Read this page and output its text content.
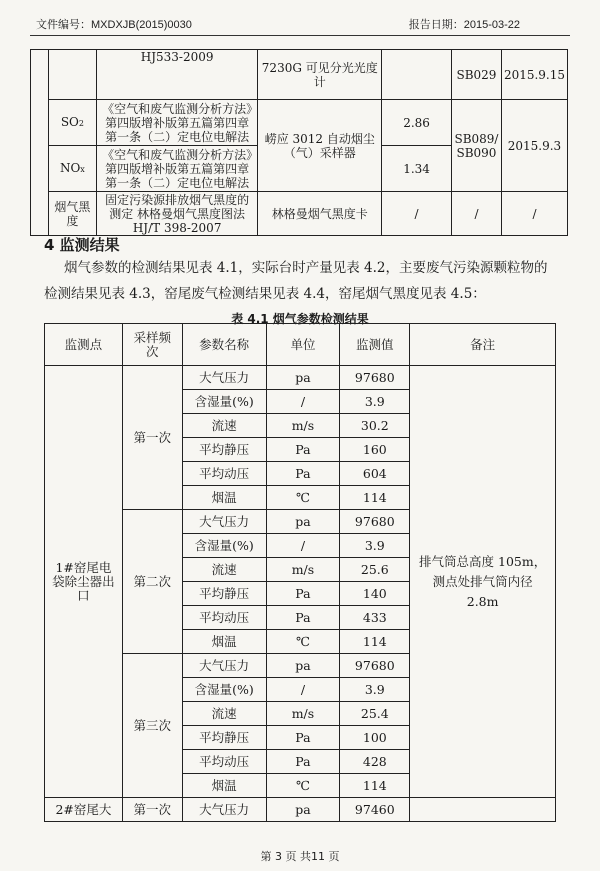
文件编号：MXDXJB(2015)0030	报告日期：2015-03-22
		HJ533-2009	7230G 可见分光光度计		SB029	2015.9.15
	SO2	《空气和废气监测分析方法》第四版增补版第五篇第四章第一条（二）定电位电解法	崂应 3012 自动烟尘（气）采样器	2.86	SB089/ SB090	2015.9.3
	NOx	《空气和废气监测分析方法》第四版增补版第五篇第四章第一条（二）定电位电解法		1.34		
	烟气黑度	固定污染源排放烟气黑度的测定 林格曼烟气黑度图法 HJ/T 398-2007	林格曼烟气黑度卡	/	/	/
4 监测结果
烟气参数的检测结果见表 4.1，实际台时产量见表 4.2，主要废气污染源颗粒物的
检测结果见表 4.3，窑尾废气检测结果见表 4.4，窑尾烟气黑度见表 4.5：
表 4.1 烟气参数检测结果
监测点	采样频次	参数名称	单位	监测值	备注
1#窑尾电袋除尘器出口	第一次	大气压力	pa	97680	排气筒总高度 105m，测点处排气筒内径 2.8m
		含湿量(%)	/	3.9	
		流速	m/s	30.2	
		平均静压	Pa	160	
		平均动压	Pa	604	
		烟温	℃	114	
	第二次	大气压力	pa	97680	
		含湿量(%)	/	3.9	
		流速	m/s	25.6	
		平均静压	Pa	140	
		平均动压	Pa	433	
		烟温	℃	114	
	第三次	大气压力	pa	97680	
		含湿量(%)	/	3.9	
		流速	m/s	25.4	
		平均静压	Pa	100	
		平均动压	Pa	428	
		烟温	℃	114	
2#窑尾大	第一次	大气压力	pa	97460	
第 3 页 共11 页
